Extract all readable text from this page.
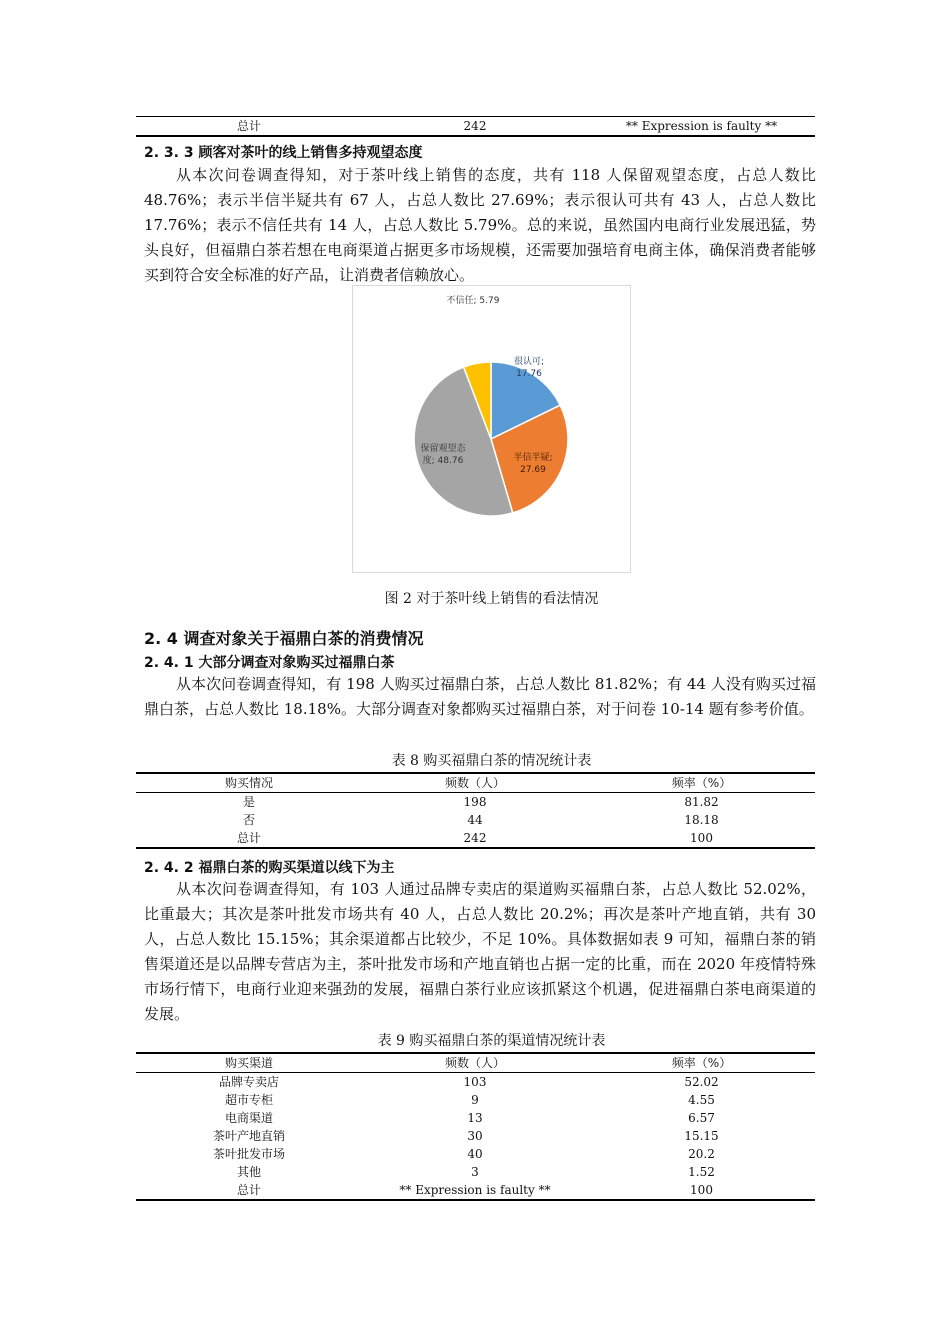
总计	242	** Expression is faulty **
2. 3. 3 顾客对茶叶的线上销售多持观望态度

从本次问卷调查得知，对于茶叶线上销售的态度，共有 118 人保留观望态度，占总人数比 48.76%；表示半信半疑共有 67 人，占总人数比 27.69%；表示很认可共有 43 人，占总人数比 17.76%；表示不信任共有 14 人，占总人数比 5.79%。总的来说，虽然国内电商行业发展迅猛，势头良好，但福鼎白茶若想在电商渠道占据更多市场规模，还需要加强培育电商主体，确保消费者能够买到符合安全标准的好产品，让消费者信赖放心。

很认可; 17.76
半信半疑; 27.69
保留观望态度; 48.76
不信任; 5.79
图 2 对于茶叶线上销售的看法情况
2. 4 调查对象关于福鼎白茶的消费情况
2. 4. 1 大部分调查对象购买过福鼎白茶

从本次问卷调查得知，有 198 人购买过福鼎白茶，占总人数比 81.82%；有 44 人没有购买过福鼎白茶，占总人数比 18.18%。大部分调查对象都购买过福鼎白茶，对于问卷 10-14 题有参考价值。

表 8 购买福鼎白茶的情况统计表
购买情况	频数（人）	频率（%）
是	198	81.82
否	44	18.18
总计	242	100
2. 4. 2 福鼎白茶的购买渠道以线下为主

从本次问卷调查得知，有 103 人通过品牌专卖店的渠道购买福鼎白茶，占总人数比 52.02%，比重最大；其次是茶叶批发市场共有 40 人，占总人数比 20.2%；再次是茶叶产地直销，共有 30 人，占总人数比 15.15%；其余渠道都占比较少，不足 10%。具体数据如表 9 可知，福鼎白茶的销售渠道还是以品牌专营店为主，茶叶批发市场和产地直销也占据一定的比重，而在 2020 年疫情特殊市场行情下，电商行业迎来强劲的发展，福鼎白茶行业应该抓紧这个机遇，促进福鼎白茶电商渠道的发展。

表 9 购买福鼎白茶的渠道情况统计表
购买渠道	频数（人）	频率（%）
品牌专卖店	103	52.02
超市专柜	9	4.55
电商渠道	13	6.57
茶叶产地直销	30	15.15
茶叶批发市场	40	20.2
其他	3	1.52
总计	** Expression is faulty **	100
